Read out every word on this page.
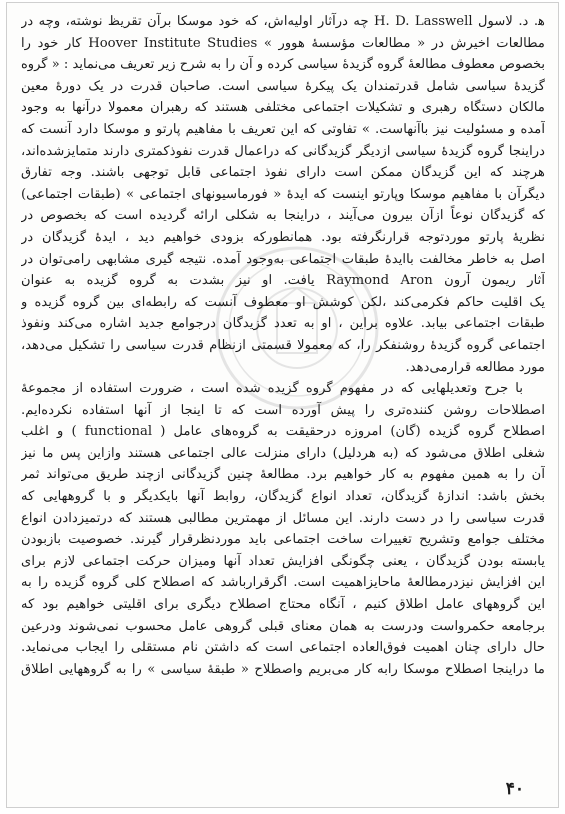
ﻫ. د. لاسول H. D. Lasswell چه درآثار اولیه‌اش، که خود موسکا برآن تقریظ نوشته، وچه در
مطالعات اخیرش در « مطالعات مؤسسهٔ هوور » Hoover Institute Studies کار خود را
بخصوص معطوف مطالعهٔ گروه گزیدهٔ سیاسی کرده و آن را به شرح زیر تعریف می‌نماید : « گروه
گزیدهٔ سیاسی شامل قدرتمندان یک پیکرهٔ سیاسی است. صاحبان قدرت در یک دورهٔ معین
مالکان دستگاه رهبری و تشکیلات اجتماعی مختلفی هستند که رهبران معمولا درآنها به وجود
آمده و مسئولیت نیز باآنهاست. » تفاوتی که این تعریف با مفاهیم پارتو و موسکا دارد آنست که
دراینجا گروه گزیدهٔ سیاسی ازدیگر گزیدگانی که دراعمال قدرت نفوذکمتری دارند متمایزشده‌اند،
هرچند که این گزیدگان ممکن است دارای نفوذ اجتماعی قابل توجهی باشند. وجه تفارق
دیگرآن با مفاهیم موسکا وپارتو اینست که ایدهٔ « فورماسیونهای اجتماعی » (طبقات اجتماعی)
که گزیدگان نوعاً ازآن بیرون می‌آیند ، دراینجا به شکلی ارائه گردیده است که بخصوص در
نظریهٔ پارتو موردتوجه قرارنگرفته بود. همانطورکه بزودی خواهیم دید ، ایدهٔ گزیدگان در
اصل به خاطر مخالفت باایدهٔ طبقات اجتماعی به‌وجود آمده. نتیجه گیری مشابهی رامی‌توان در
آثار ریمون آرون Raymond Aron یافت. او نیز بشدت به گروه گزیده به عنوان
یک اقلیت حاکم فکرمی‌کند ،لکن کوشش او معطوف آنست که رابطه‌ای بین گروه گزیده و
طبقات اجتماعی بیابد. علاوه براین ، او به تعدد گزیدگان درجوامع جدید اشاره می‌کند ونفوذ
اجتماعی گروه گزیدهٔ روشنفکر را، که معمولا قسمتی ازنظام قدرت سیاسی را تشکیل می‌دهد،
مورد مطالعه قرارمی‌دهد.
با جرح وتعدیلهایی که در مفهوم گروه گزیده شده است ، ضرورت استفاده از مجموعهٔ
اصطلاحات روشن کننده‌تری را پیش آورده است که تا اینجا از آنها استفاده نکرده‌ایم.
اصطلاح گروه گزیده (گان) امروزه درحقیقت به گروه‌های عامل ( functional ) و اغلب
شغلی اطلاق می‌شود که (به هردلیل) دارای منزلت عالی اجتماعی هستند وازاین پس ما نیز
آن را به همین مفهوم به کار خواهیم برد. مطالعهٔ چنین گزیدگانی ازچند طریق می‌تواند ثمر
بخش باشد: اندازهٔ گزیدگان، تعداد انواع گزیدگان، روابط آنها بایکدیگر و با گروههایی که
قدرت سیاسی را در دست دارند. این مسائل از مهمترین مطالبی هستند که درتمیزدادن انواع
مختلف جوامع وتشریح تغییرات ساخت اجتماعی باید موردنظرقرار گیرند. خصوصیت بازبودن
یابسته بودن گزیدگان ، یعنی چگونگی افزایش تعداد آنها ومیزان حرکت اجتماعی لازم برای
این افزایش نیزدرمطالعهٔ ماحایزاهمیت است. اگرقرارباشد که اصطلاح کلی گروه گزیده را به
این گروههای عامل اطلاق کنیم ، آنگاه محتاج اصطلاح دیگری برای اقلیتی خواهیم بود که
برجامعه حکمرواست ودرست به همان معنای قبلی گروهی عامل محسوب نمی‌شوند ودرعین
حال دارای چنان اهمیت فوق‌العاده اجتماعی است که داشتن نام مستقلی را ایجاب می‌نماید.
ما دراینجا اصطلاح موسکا رابه کار می‌بریم واصطلاح « طبقهٔ سیاسی » را به گروههایی اطلاق
۴۰
